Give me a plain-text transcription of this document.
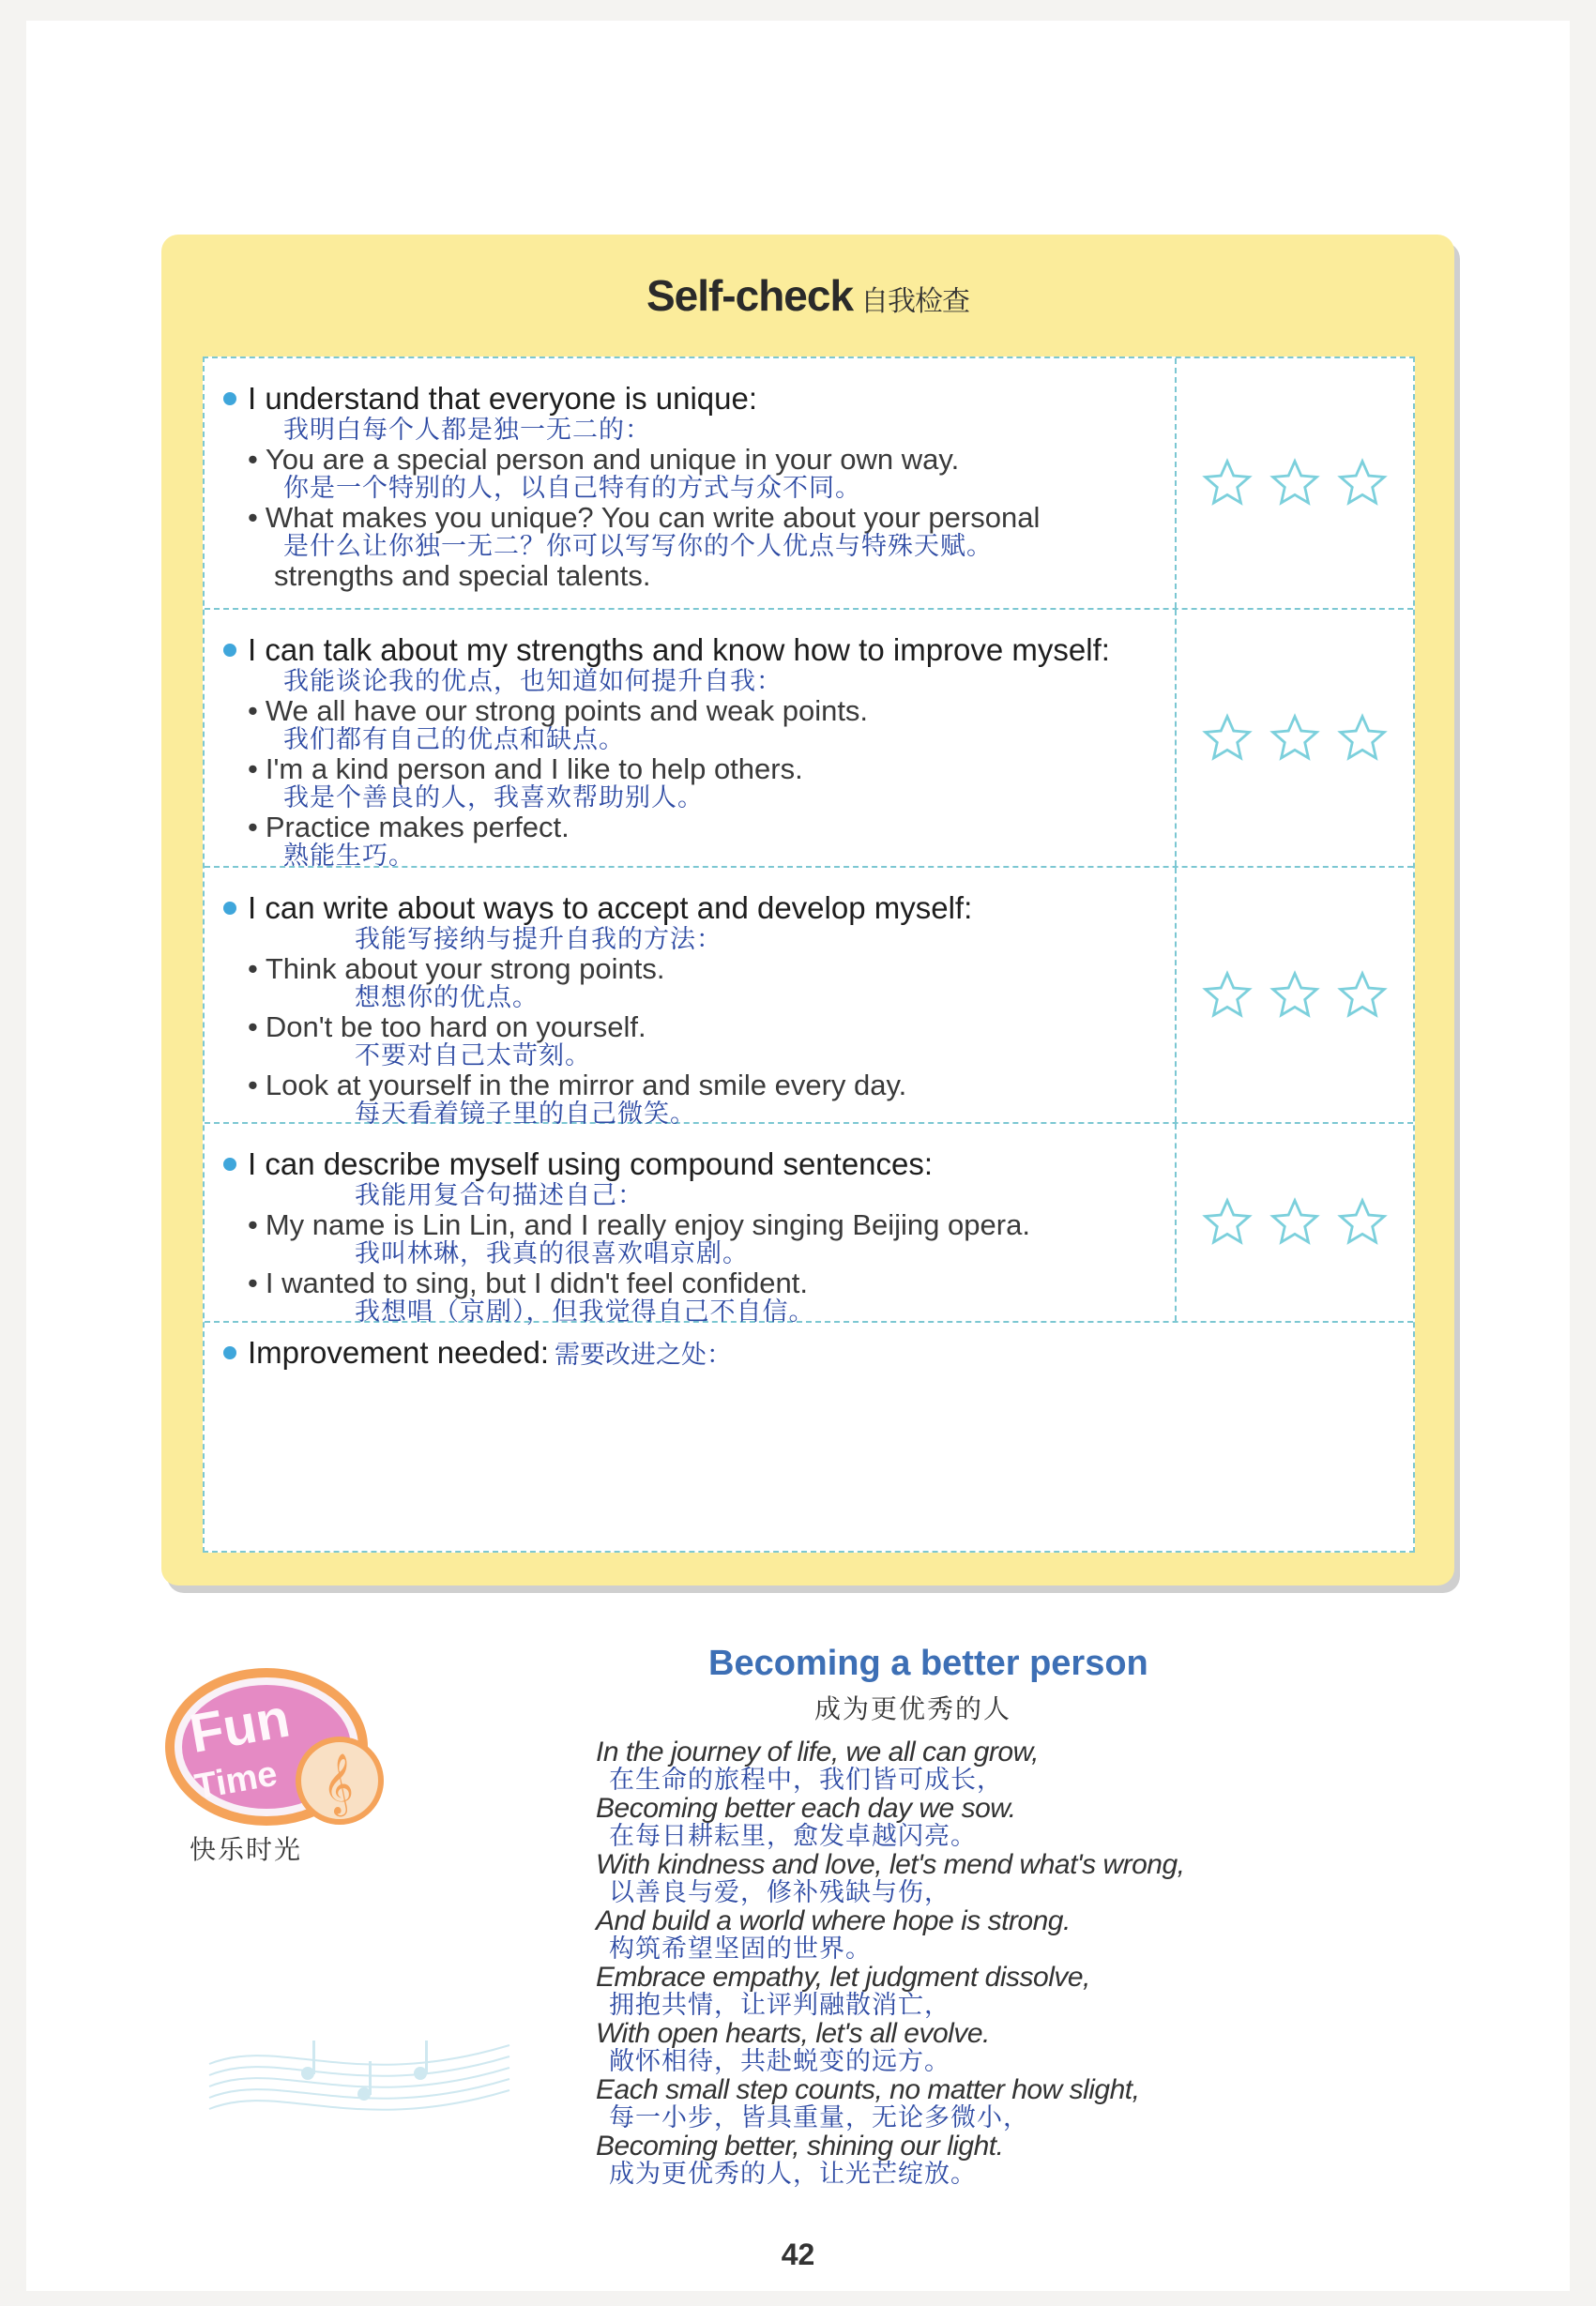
Self-check 自我检查
I understand that everyone is unique:
我明白每个人都是独一无二的：
• You are a special person and unique in your own way.
你是一个特别的人，以自己特有的方式与众不同。
• What makes you unique? You can write about your personal
是什么让你独一无二？你可以写写你的个人优点与特殊天赋。
strengths and special talents.
I can talk about my strengths and know how to improve myself:
我能谈论我的优点，也知道如何提升自我：
• We all have our strong points and weak points.
我们都有自己的优点和缺点。
• I'm a kind person and I like to help others.
我是个善良的人，我喜欢帮助别人。
• Practice makes perfect.
熟能生巧。
I can write about ways to accept and develop myself:
我能写接纳与提升自我的方法：
• Think about your strong points.
想想你的优点。
• Don't be too hard on yourself.
不要对自己太苛刻。
• Look at yourself in the mirror and smile every day.
每天看着镜子里的自己微笑。
I can describe myself using compound sentences:
我能用复合句描述自己：
• My name is Lin Lin, and I really enjoy singing Beijing opera.
我叫林琳，我真的很喜欢唱京剧。
• I wanted to sing, but I didn't feel confident.
我想唱（京剧），但我觉得自己不自信。
Improvement needed: 需要改进之处：
Fun
Time 𝄞
快乐时光
Becoming a better person
成为更优秀的人
In the journey of life, we all can grow,
在生命的旅程中，我们皆可成长，
Becoming better each day we sow.
在每日耕耘里，愈发卓越闪亮。
With kindness and love, let's mend what's wrong,
以善良与爱，修补残缺与伤，
And build a world where hope is strong.
构筑希望坚固的世界。
Embrace empathy, let judgment dissolve,
拥抱共情，让评判融散消亡，
With open hearts, let's all evolve.
敞怀相待，共赴蜕变的远方。
Each small step counts, no matter how slight,
每一小步，皆具重量，无论多微小，
Becoming better, shining our light.
成为更优秀的人，让光芒绽放。
42
